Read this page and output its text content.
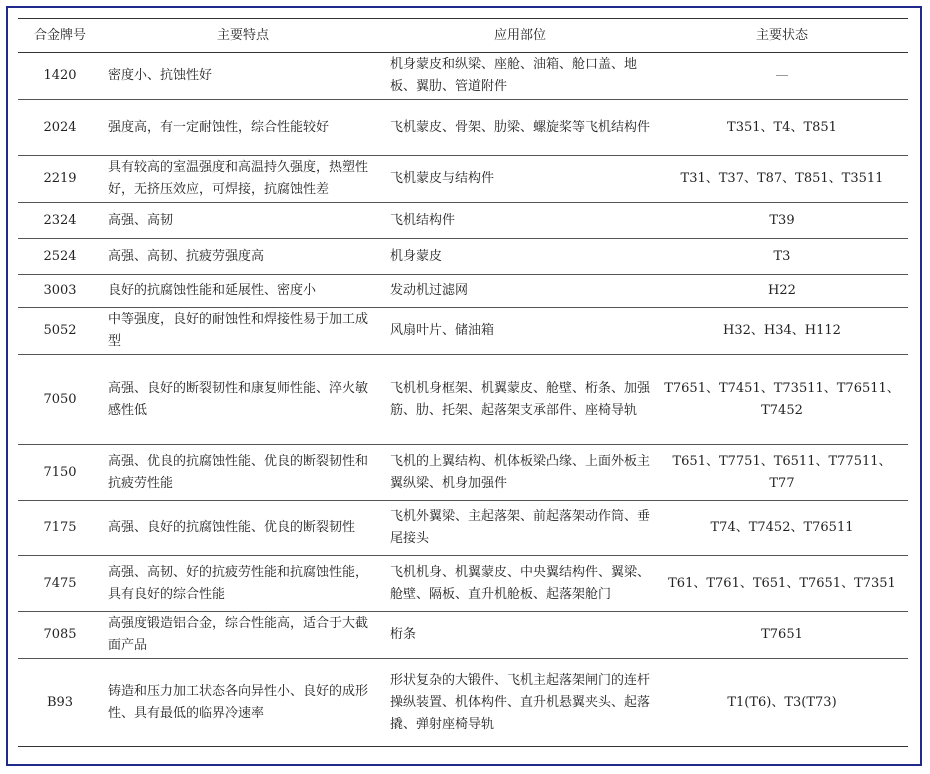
合金牌号	主要特点	应用部位	主要状态
1420	密度小、抗蚀性好	机身蒙皮和纵梁、座舱、油箱、舱口盖、地板、翼肋、管道附件	—
2024	强度高，有一定耐蚀性，综合性能较好	飞机蒙皮、骨架、肋梁、螺旋桨等飞机结构件	T351、T4、T851
2219	具有较高的室温强度和高温持久强度，热塑性好，无挤压效应，可焊接，抗腐蚀性差	飞机蒙皮与结构件	T31、T37、T87、T851、T3511
2324	高强、高韧	飞机结构件	T39
2524	高强、高韧、抗疲劳强度高	机身蒙皮	T3
3003	良好的抗腐蚀性能和延展性、密度小	发动机过滤网	H22
5052	中等强度，良好的耐蚀性和焊接性易于加工成型	风扇叶片、储油箱	H32、H34、H112
7050	高强、良好的断裂韧性和康复师性能、淬火敏感性低	飞机机身框架、机翼蒙皮、舱壁、桁条、加强筋、肋、托架、起落架支承部件、座椅导轨	T7651、T7451、T73511、T76511、T7452
7150	高强、优良的抗腐蚀性能、优良的断裂韧性和抗疲劳性能	飞机的上翼结构、机体板梁凸缘、上面外板主翼纵梁、机身加强件	T651、T7751、T6511、T77511、T77
7175	高强、良好的抗腐蚀性能、优良的断裂韧性	飞机外翼梁、主起落架、前起落架动作筒、垂尾接头	T74、T7452、T76511
7475	高强、高韧、好的抗疲劳性能和抗腐蚀性能，具有良好的综合性能	飞机机身、机翼蒙皮、中央翼结构件、翼梁、舱壁、隔板、直升机舱板、起落架舱门	T61、T761、T651、T7651、T7351
7085	高强度锻造铝合金，综合性能高，适合于大截面产品	桁条	T7651
B93	铸造和压力加工状态各向异性小、良好的成形性、具有最低的临界冷速率	形状复杂的大锻件、飞机主起落架闸门的连杆操纵装置、机体构件、直升机悬翼夹头、起落撬、弹射座椅导轨	T1(T6)、T3(T73)
